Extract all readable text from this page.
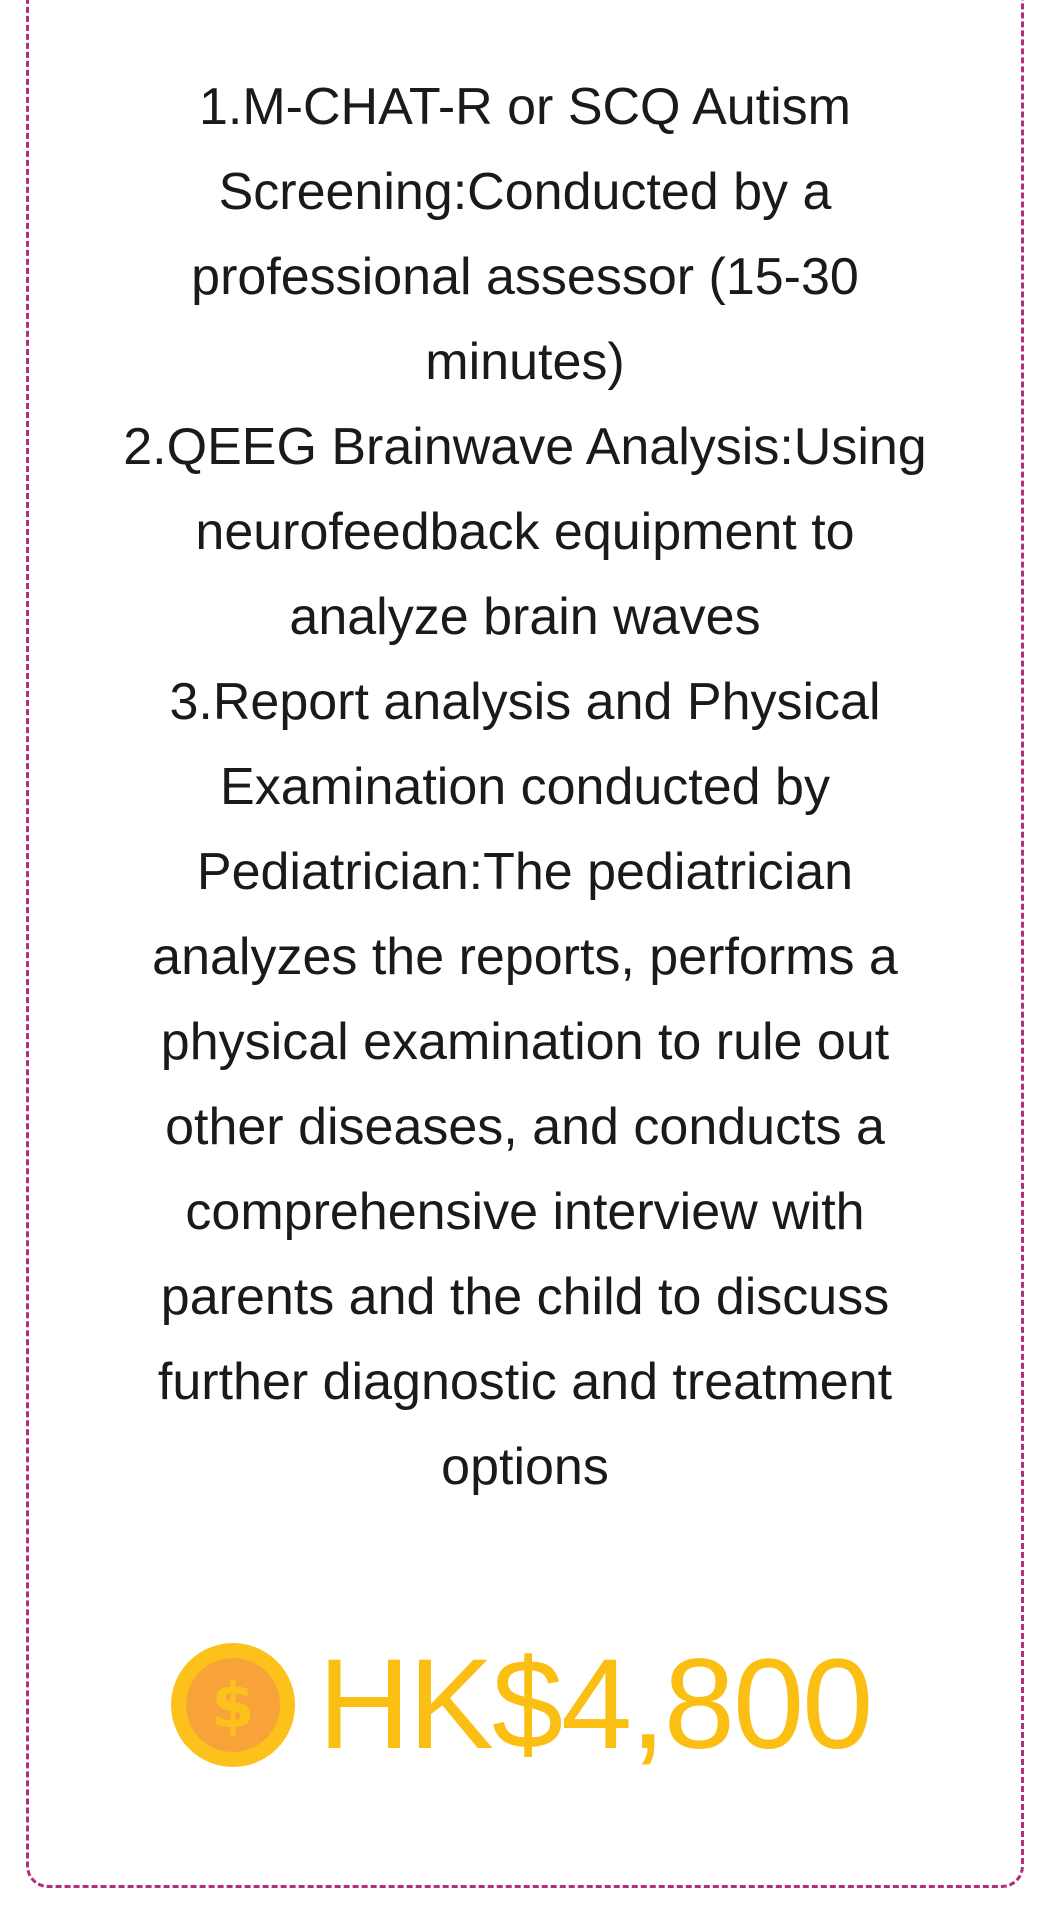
1.M-CHAT-R or SCQ Autism Screening:Conducted by a professional assessor (15-30 minutes)

2.QEEG Brainwave Analysis:Using neurofeedback equipment to analyze brain waves

3.Report analysis and Physical Examination conducted by Pediatrician:The pediatrician analyzes the reports, performs a physical examination to rule out other diseases, and conducts a comprehensive interview with parents and the child to discuss further diagnostic and treatment options

$ HK$4,800
